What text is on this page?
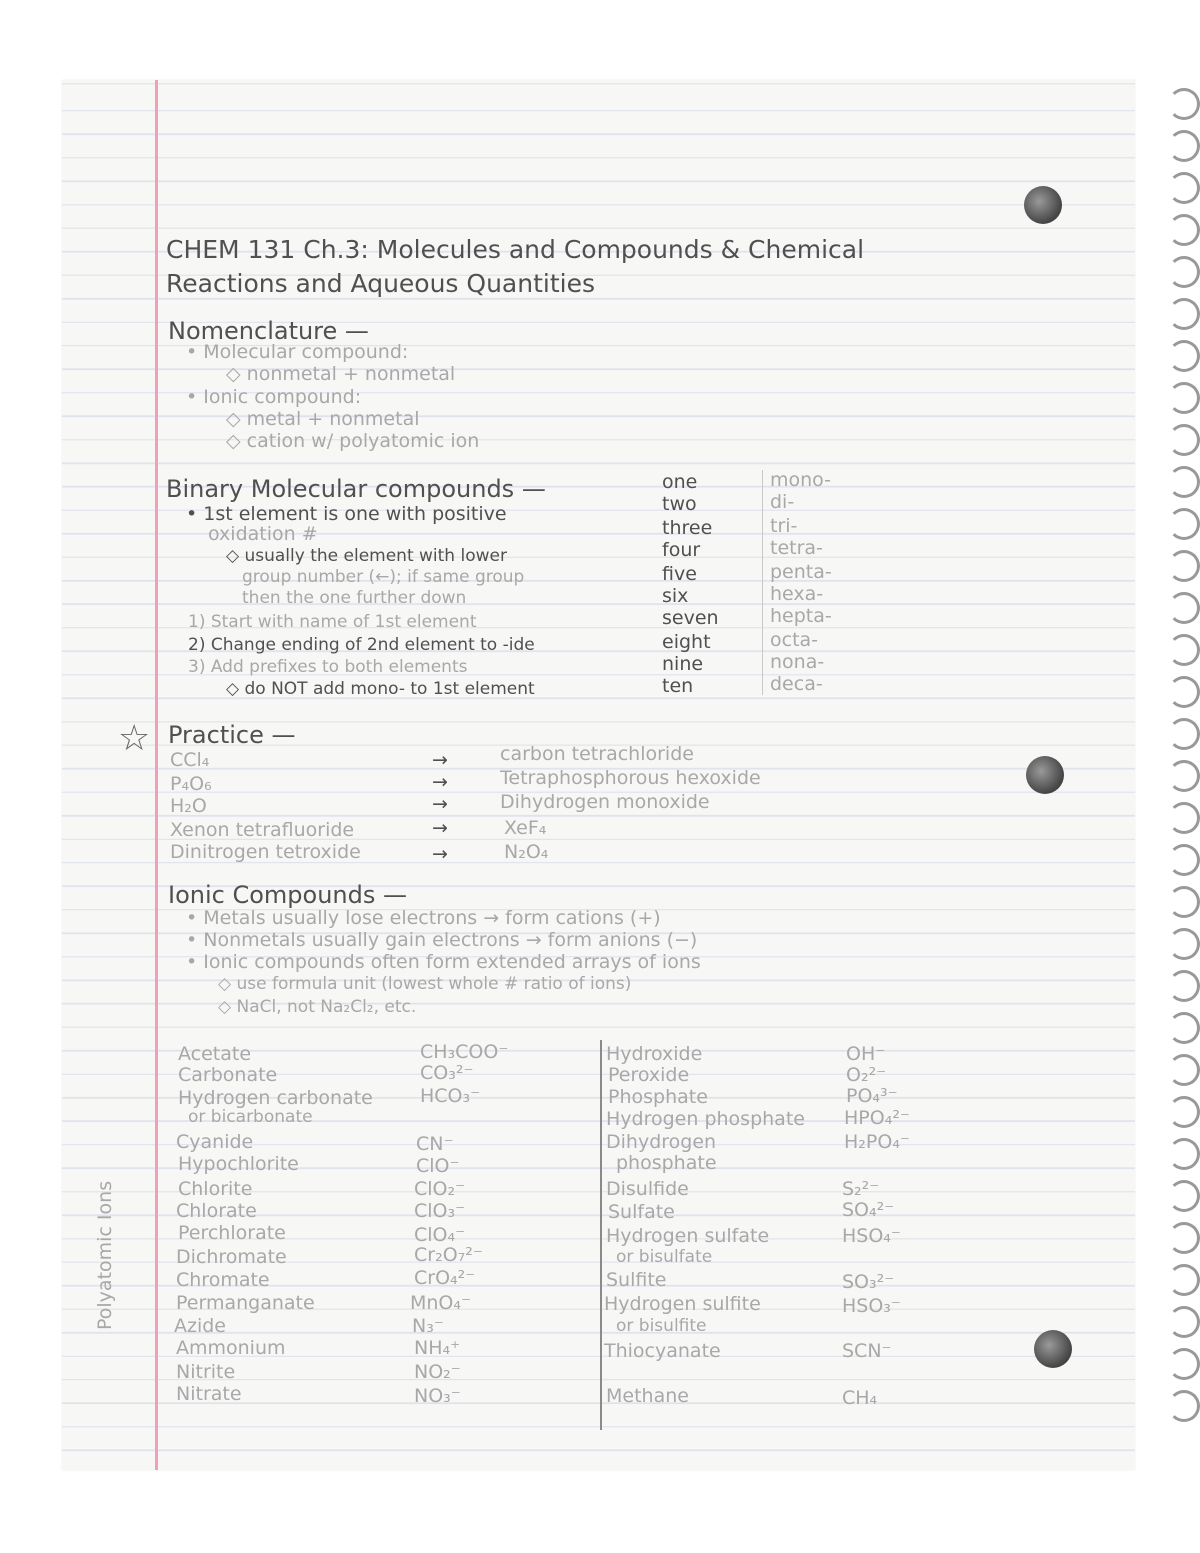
CHEM 131 Ch.3: Molecules and Compounds & Chemical
Reactions and Aqueous Quantities
Nomenclature —
• Molecular compound:
◇ nonmetal + nonmetal
• Ionic compound:
◇ metal + nonmetal
◇ cation w/ polyatomic ion
Binary Molecular compounds —
• 1st element is one with positive
oxidation #
◇ usually the element with lower
group number (←); if same group
then the one further down
1) Start with name of 1st element
2) Change ending of 2nd element to -ide
3) Add prefixes to both elements
◇ do NOT add mono- to 1st element
one	mono-
two	di-
three	tri-
four	tetra-
five	penta-
six	hexa-
seven	hepta-
eight	octa-
nine	nona-
ten	deca-
☆ Practice —
CCl₄	→	carbon tetrachloride
P₄O₆	→	Tetraphosphorous hexoxide
H₂O	→	Dihydrogen monoxide
Xenon tetrafluoride	→	XeF₄
Dinitrogen tetroxide	→	N₂O₄
Ionic Compounds —
• Metals usually lose electrons → form cations (+)
• Nonmetals usually gain electrons → form anions (−)
• Ionic compounds often form extended arrays of ions
◇ use formula unit (lowest whole # ratio of ions)
◇ NaCl, not Na₂Cl₂, etc.
Polyatomic Ions
Acetate	CH₃COO⁻
Carbonate	CO₃²⁻
Hydrogen carbonate HCO₃⁻
or bicarbonate
Cyanide	CN⁻
Hypochlorite	ClO⁻
Chlorite	ClO₂⁻
Chlorate	ClO₃⁻
Perchlorate	ClO₄⁻
Dichromate	Cr₂O₇²⁻
Chromate	CrO₄²⁻
Permanganate	MnO₄⁻
Azide	N₃⁻
Ammonium	NH₄⁺
Nitrite	NO₂⁻
Nitrate	NO₃⁻
Hydroxide	OH⁻
Peroxide	O₂²⁻
Phosphate	PO₄³⁻
Hydrogen phosphate HPO₄²⁻
Dihydrogen	H₂PO₄⁻
phosphate
Disulfide	S₂²⁻
Sulfate	SO₄²⁻
Hydrogen sulfate	HSO₄⁻
or bisulfate
Sulfite	SO₃²⁻
Hydrogen sulfite	HSO₃⁻
or bisulfite
Thiocyanate	SCN⁻
Methane	CH₄
